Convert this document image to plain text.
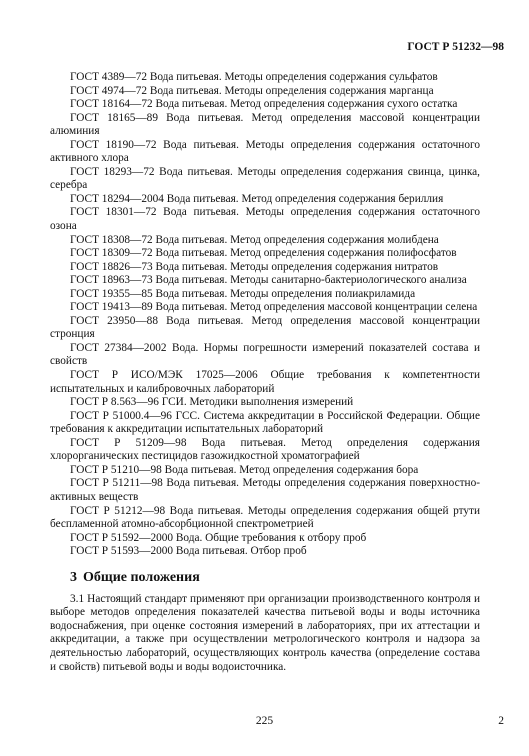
ГОСТ Р 51232—98

ГОСТ 4389—72 Вода питьевая. Методы определения содержания сульфатов

ГОСТ 4974—72 Вода питьевая. Методы определения содержания марганца

ГОСТ 18164—72 Вода питьевая. Метод определения содержания сухого остатка

ГОСТ 18165—89 Вода питьевая. Метод определения массовой концентрации алюминия

ГОСТ 18190—72 Вода питьевая. Методы определения содержания остаточного активного хлора

ГОСТ 18293—72 Вода питьевая. Методы определения содержания свинца, цинка, серебра

ГОСТ 18294—2004 Вода питьевая. Метод определения содержания бериллия

ГОСТ 18301—72 Вода питьевая. Методы определения содержания остаточного озона

ГОСТ 18308—72 Вода питьевая. Метод определения содержания молибдена

ГОСТ 18309—72 Вода питьевая. Метод определения содержания полифосфатов

ГОСТ 18826—73 Вода питьевая. Методы определения содержания нитратов

ГОСТ 18963—73 Вода питьевая. Методы санитарно-бактериологического анализа

ГОСТ 19355—85 Вода питьевая. Методы определения полиакриламида

ГОСТ 19413—89 Вода питьевая. Метод определения массовой концентрации селена

ГОСТ 23950—88 Вода питьевая. Метод определения массовой концентрации стронция

ГОСТ 27384—2002 Вода. Нормы погрешности измерений показателей состава и свойств

ГОСТ Р ИСО/МЭК 17025—2006 Общие требования к компетентности испытательных и калибровочных лабораторий

ГОСТ Р 8.563—96 ГСИ. Методики выполнения измерений

ГОСТ Р 51000.4—96 ГСС. Система аккредитации в Российской Федерации. Общие требования к аккредитации испытательных лабораторий

ГОСТ Р 51209—98 Вода питьевая. Метод определения содержания хлорорганических пестицидов газожидкостной хроматографией

ГОСТ Р 51210—98 Вода питьевая. Метод определения содержания бора

ГОСТ Р 51211—98 Вода питьевая. Методы определения содержания поверхностно-активных веществ

ГОСТ Р 51212—98 Вода питьевая. Методы определения содержания общей ртути беспламенной атомно-абсорбционной спектрометрией

ГОСТ Р 51592—2000 Вода. Общие требования к отбору проб

ГОСТ Р 51593—2000 Вода питьевая. Отбор проб

3 Общие положения

3.1 Настоящий стандарт применяют при организации производственного контроля и выборе методов определения показателей качества питьевой воды и воды источника водоснабжения, при оценке состояния измерений в лабораториях, при их аттестации и аккредитации, а также при осуществлении метрологического контроля и надзора за деятельностью лабораторий, осуществляющих контроль качества (определение состава и свойств) питьевой воды и воды водоисточника.

225	2
